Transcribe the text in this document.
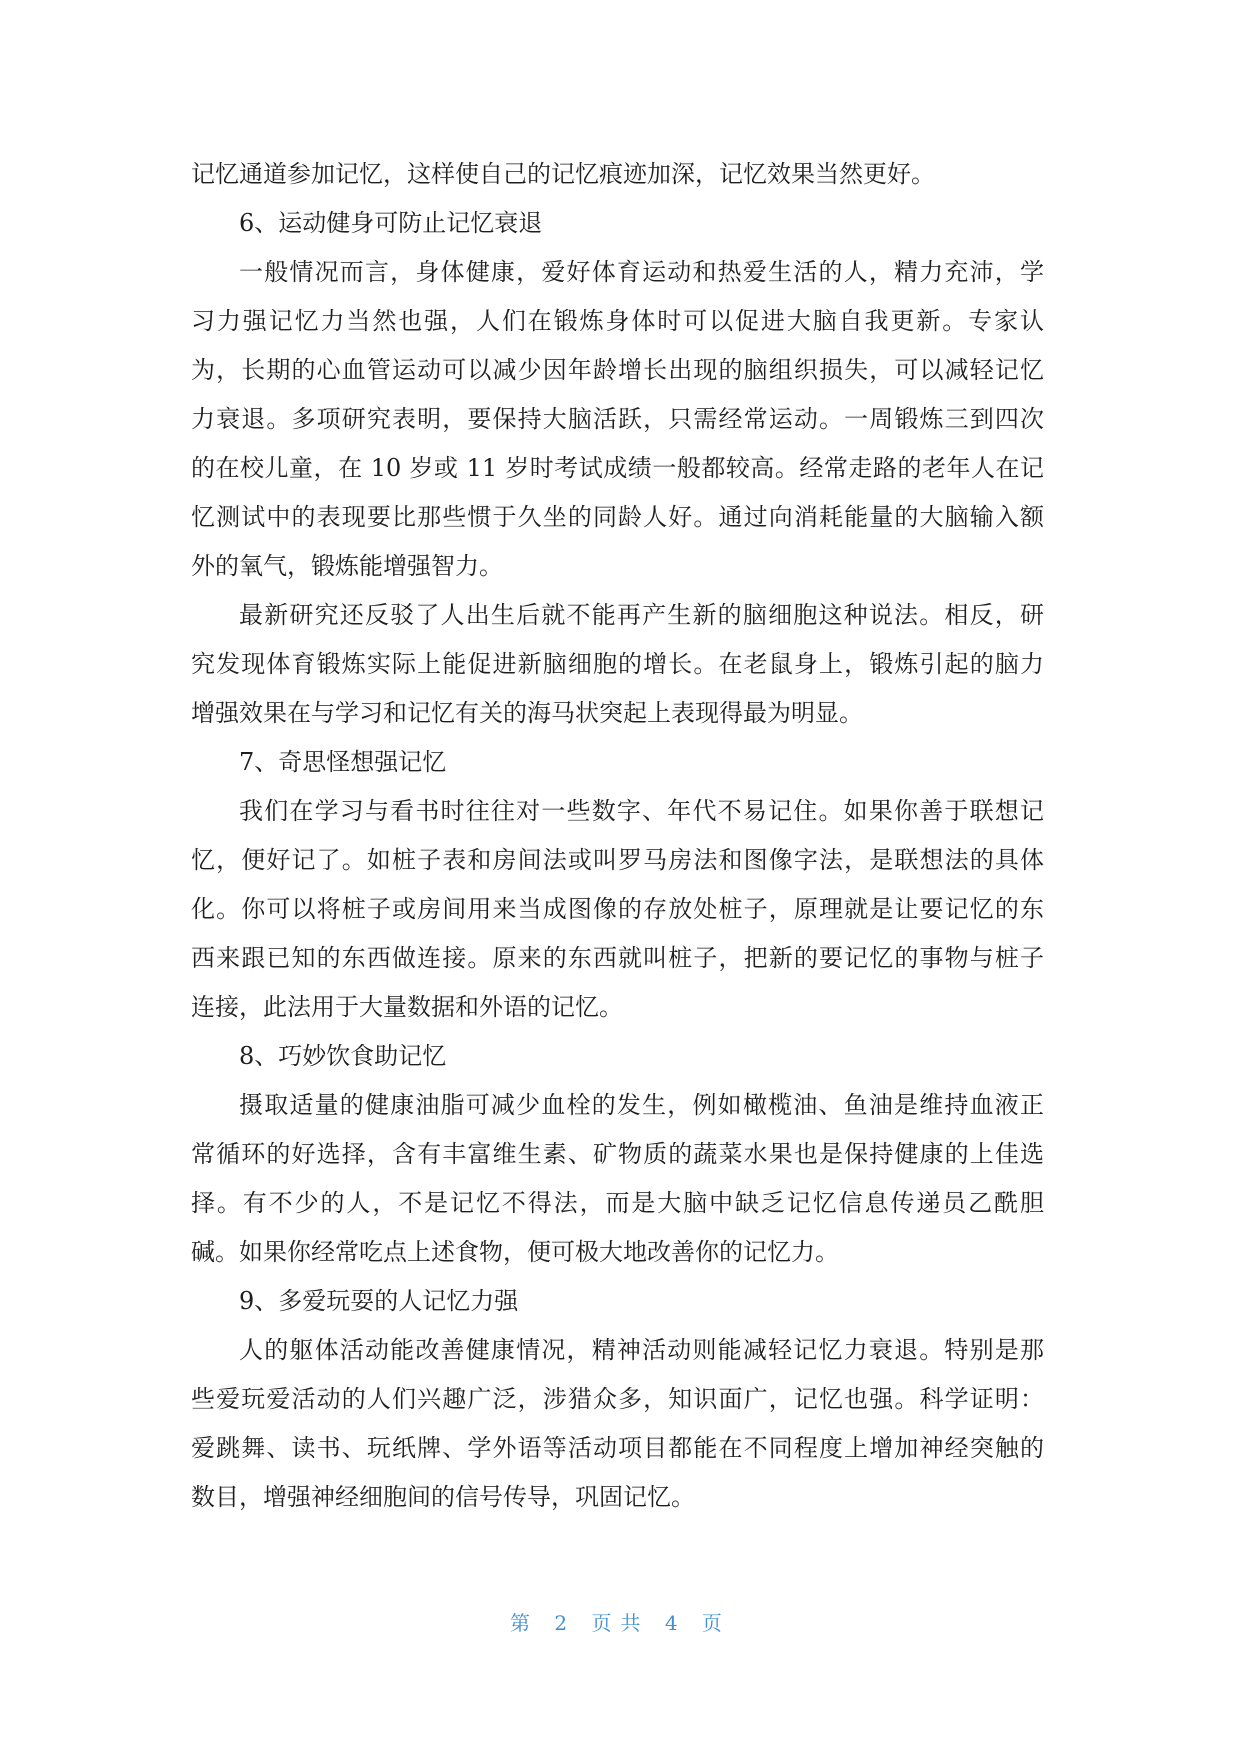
记忆通道参加记忆，这样使自己的记忆痕迹加深，记忆效果当然更好。
6、运动健身可防止记忆衰退
一般情况而言，身体健康，爱好体育运动和热爱生活的人，精力充沛，学
习力强记忆力当然也强，人们在锻炼身体时可以促进大脑自我更新。专家认
为，长期的心血管运动可以减少因年龄增长出现的脑组织损失，可以减轻记忆
力衰退。多项研究表明，要保持大脑活跃，只需经常运动。一周锻炼三到四次
的在校儿童，在 10 岁或 11 岁时考试成绩一般都较高。经常走路的老年人在记
忆测试中的表现要比那些惯于久坐的同龄人好。通过向消耗能量的大脑输入额
外的氧气，锻炼能增强智力。
最新研究还反驳了人出生后就不能再产生新的脑细胞这种说法。相反，研
究发现体育锻炼实际上能促进新脑细胞的增长。在老鼠身上，锻炼引起的脑力
增强效果在与学习和记忆有关的海马状突起上表现得最为明显。
7、奇思怪想强记忆
我们在学习与看书时往往对一些数字、年代不易记住。如果你善于联想记
忆，便好记了。如桩子表和房间法或叫罗马房法和图像字法，是联想法的具体
化。你可以将桩子或房间用来当成图像的存放处桩子，原理就是让要记忆的东
西来跟已知的东西做连接。原来的东西就叫桩子，把新的要记忆的事物与桩子
连接，此法用于大量数据和外语的记忆。
8、巧妙饮食助记忆
摄取适量的健康油脂可减少血栓的发生，例如橄榄油、鱼油是维持血液正
常循环的好选择，含有丰富维生素、矿物质的蔬菜水果也是保持健康的上佳选
择。有不少的人，不是记忆不得法，而是大脑中缺乏记忆信息传递员乙酰胆
碱。如果你经常吃点上述食物，便可极大地改善你的记忆力。
9、多爱玩耍的人记忆力强
人的躯体活动能改善健康情况，精神活动则能减轻记忆力衰退。特别是那
些爱玩爱活动的人们兴趣广泛，涉猎众多，知识面广，记忆也强。科学证明：
爱跳舞、读书、玩纸牌、学外语等活动项目都能在不同程度上增加神经突触的
数目，增强神经细胞间的信号传导，巩固记忆。
第 2 页共 4 页
